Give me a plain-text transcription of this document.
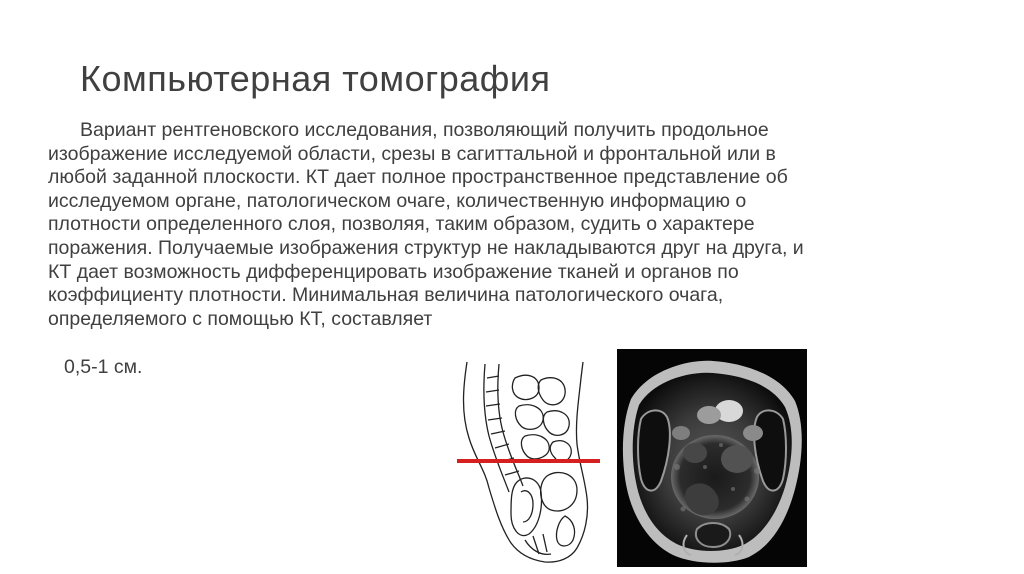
Компьютерная томография

Вариант рентгеновского исследования, позволяющий получить продольное
изображение исследуемой области, срезы в сагиттальной и фронтальной или в
любой заданной плоскости. КТ дает полное пространственное представление об
исследуемом органе, патологическом очаге, количественную информацию о
плотности определенного слоя, позволяя, таким образом, судить о характере
поражения. Получаемые изображения структур не накладываются друг на друга, и
КТ дает возможность дифференцировать изображение тканей и органов по
коэффициенту плотности. Минимальная величина патологического очага,
определяемого с помощью КТ, составляет

0,5-1 см.
